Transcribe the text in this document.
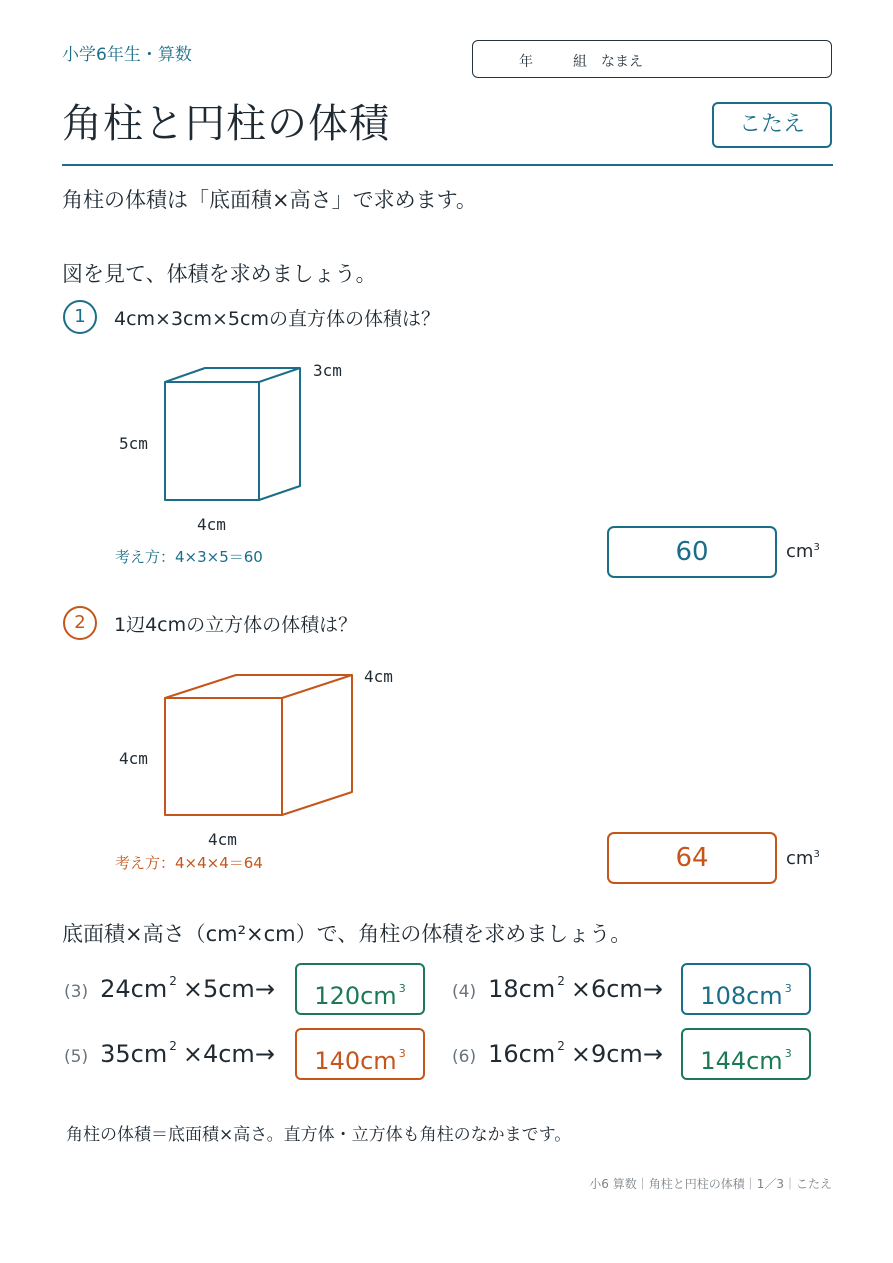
小学6年生・算数	年	組 なまえ
角柱と円柱の体積	こたえ
角柱の体積は「底面積×高さ」で求めます。
図を見て、体積を求めましょう。
1	4cm×3cm×5cmの直方体の体積は？
3cm
5cm
4cm
考え方：4×3×5＝60	60	$cm^3$
2	1辺4cmの立方体の体積は？
4cm
4cm
4cm
考え方：4×4×4＝64	64	$cm^3$
底面積×高さ（cm²×cm）で、角柱の体積を求めましょう。
(3) 24cm $^2$ ×5cm→	120cm $^3$	(4) 18cm $^2$ ×6cm→	108cm $^3$
(5) 35cm $^2$ ×4cm→	140cm $^3$	(6) 16cm $^2$ ×9cm→	144cm $^3$
角柱の体積＝底面積×高さ。直方体・立方体も角柱のなかまです。
小6 算数｜角柱と円柱の体積｜1／3｜こたえ
